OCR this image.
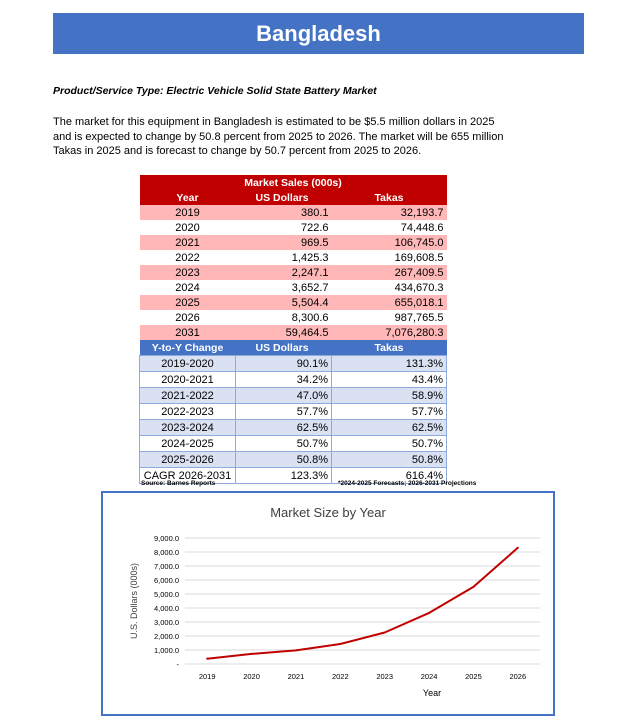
Bangladesh
Product/Service Type: Electric Vehicle Solid State Battery Market
The market for this equipment in Bangladesh is estimated to be $5.5 million dollars in 2025 and is expected to change by 50.8 percent from 2025 to 2026. The market will be 655 million Takas in 2025 and is forecast to change by 50.7 percent from 2025 to 2026.
Market Sales (000s)		
Year	US Dollars	Takas
2019	380.1	32,193.7
2020	722.6	74,448.6
2021	969.5	106,745.0
2022	1,425.3	169,608.5
2023	2,247.1	267,409.5
2024	3,652.7	434,670.3
2025	5,504.4	655,018.1
2026	8,300.6	987,765.5
2031	59,464.5	7,076,280.3
Y-to-Y Change	US Dollars	Takas
2019-2020	90.1%	131.3%
2020-2021	34.2%	43.4%
2021-2022	47.0%	58.9%
2022-2023	57.7%	57.7%
2023-2024	62.5%	62.5%
2024-2025	50.7%	50.7%
2025-2026	50.8%	50.8%
CAGR 2026-2031	123.3%	616.4%
Source: Barnes Reports	*2024-2025 Forecasts; 2026-2031 Projections
Market Size by Year
Year
U.S. Dollars (000s)
-
1,000.0
2,000.0
3,000.0
4,000.0
5,000.0
6,000.0
7,000.0
8,000.0
9,000.0
2019	2020	2021	2022	2023	2024	2025	2026
